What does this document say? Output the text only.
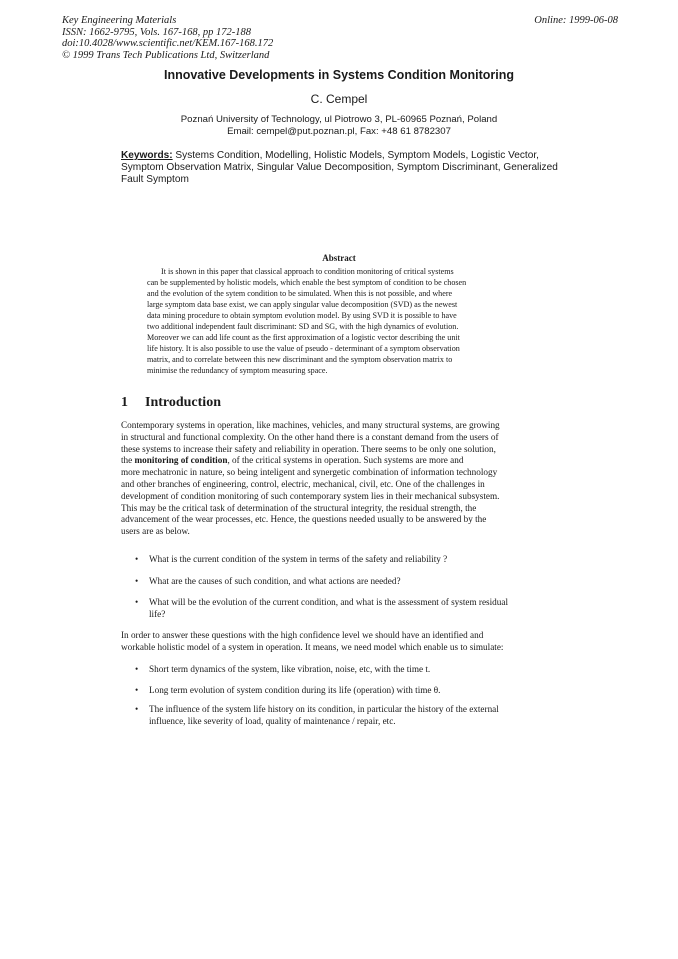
Key Engineering Materials
ISSN: 1662-9795, Vols. 167-168, pp 172-188
doi:10.4028/www.scientific.net/KEM.167-168.172
© 1999 Trans Tech Publications Ltd, Switzerland
Online: 1999-06-08
Innovative Developments in Systems Condition Monitoring
C. Cempel
Poznań University of Technology, ul Piotrowo 3, PL-60965 Poznań, Poland
Email: cempel@put.poznan.pl, Fax: +48 61 8782307
Keywords: Systems Condition, Modelling, Holistic Models, Symptom Models, Logistic Vector,
Symptom Observation Matrix, Singular Value Decomposition, Symptom Discriminant, Generalized
Fault Symptom
Abstract
It is shown in this paper that classical approach to condition monitoring of critical systems
can be supplemented by holistic models, which enable the best symptom of condition to be chosen
and the evolution of the sytem condition to be simulated. When this is not possible, and where
large symptom data base exist, we can apply singular value decomposition (SVD) as the newest
data mining procedure to obtain symptom evolution model. By using SVD it is possible to have
two additional independent fault discriminant: SD and SG, with the high dynamics of evolution.
Moreover we can add life count as the first approximation of a logistic vector describing the unit
life history. It is also possible to use the value of pseudo - determinant of a symptom observation
matrix, and to correlate between this new discriminant and the symptom observation matrix to
minimise the redundancy of symptom measuring space.
1 Introduction
Contemporary systems in operation, like machines, vehicles, and many structural systems, are growing
in structural and functional complexity. On the other hand there is a constant demand from the users of
these systems to increase their safety and reliability in operation. There seems to be only one solution,
the monitoring of condition, of the critical systems in operation. Such systems are more and
more mechatronic in nature, so being inteligent and synergetic combination of information technology
and other branches of engineering, control, electric, mechanical, civil, etc. One of the challenges in
development of condition monitoring of such contemporary system lies in their mechanical subsystem.
This may be the critical task of determination of the structural integrity, the residual strength, the
advancement of the wear processes, etc. Hence, the questions needed usually to be answered by the
users are as below.
• What is the current condition of the system in terms of the safety and reliability ?
• What are the causes of such condition, and what actions are needed?
• What will be the evolution of the current condition, and what is the assessment of system residual
life?
In order to answer these questions with the high confidence level we should have an identified and
workable holistic model of a system in operation. It means, we need model which enable us to simulate:
• Short term dynamics of the system, like vibration, noise, etc, with the time t.
• Long term evolution of system condition during its life (operation) with time θ.
• The influence of the system life history on its condition, in particular the history of the external
influence, like severity of load, quality of maintenance / repair, etc.
